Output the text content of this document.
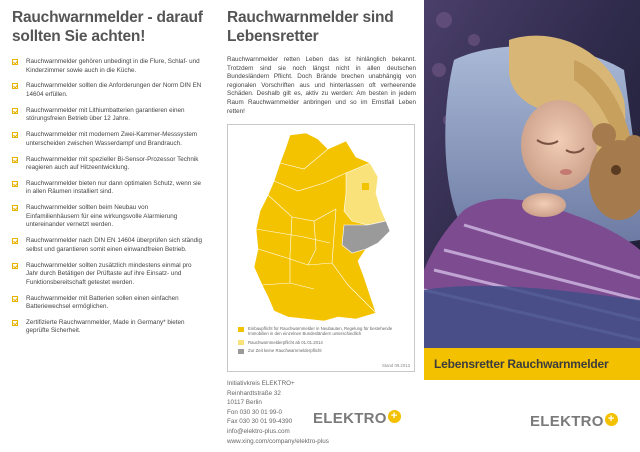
Rauchwarnmelder - darauf
sollten Sie achten!
Rauchwarnmelder gehören unbedingt in die Flure, Schlaf- und Kinderzimmer sowie auch in die Küche.
Rauchwarnmelder sollten die Anforderungen der Norm DIN EN 14604 erfüllen.
Rauchwarnmelder mit Lithiumbatterien garantieren einen störungsfreien Betrieb über 12 Jahre.
Rauchwarnmelder mit modernem Zwei-Kammer-Messsystem unterscheiden zwischen Wasserdampf und Brandrauch.
Rauchwarnmelder mit spezieller Bi-Sensor-Prozessor Technik reagieren auch auf Hitzeentwicklung.
Rauchwarnmelder bieten nur dann optimalen Schutz, wenn sie in allen Räumen installiert sind.
Rauchwarnmelder sollten beim Neubau von Einfamilienhäusern für eine wirkungsvolle Alarmierung untereinander vernetzt werden.
Rauchwarnmelder nach DIN EN 14604 überprüfen sich ständig selbst und garantieren somit einen einwandfreien Betrieb.
Rauchwarnmelder sollten zusätzlich mindestens einmal pro Jahr durch Betätigen der Prüftaste auf ihre Einsatz- und Funktionsbereitschaft getestet werden.
Rauchwarnmelder mit Batterien sollen einen einfachen Batteriewechsel ermöglichen.
Zertifizierte Rauchwarnmelder, Made in Germany* bieten geprüfte Sicherheit.
Rauchwarnmelder sind
Lebensretter

Rauchwarnmelder retten Leben das ist hinlänglich bekannt. Trotzdem sind sie noch längst nicht in allen deutschen Bundesländern Pflicht. Doch Brände brechen unabhängig von regionalen Vorschriften aus und hinterlassen oft verheerende Schäden. Deshalb gilt es, aktiv zu werden: Am besten in jedem Raum Rauchwarnmelder anbringen und so im Ernstfall Leben retten!

Einbaupflicht für Rauchwarnmelder in Neubauten, Regelung für bestehende Immobilien in den einzelnen Bundesländern unterschiedlich
Rauchwarnmelderpflicht ab 01.01.2014
Zur Zeit keine Rauchwarnmelderpflicht
Stand 09.2013
Initiativkreis ELEKTRO+
Reinhardtstraße 32
10117 Berlin
Fon 030 30 01 99-0
Fax 030 30 01 99-4390
info@elektro-plus.com
www.xing.com/company/elektro-plus
ELEKTRO +
Lebensretter Rauchwarnmelder
ELEKTRO +
